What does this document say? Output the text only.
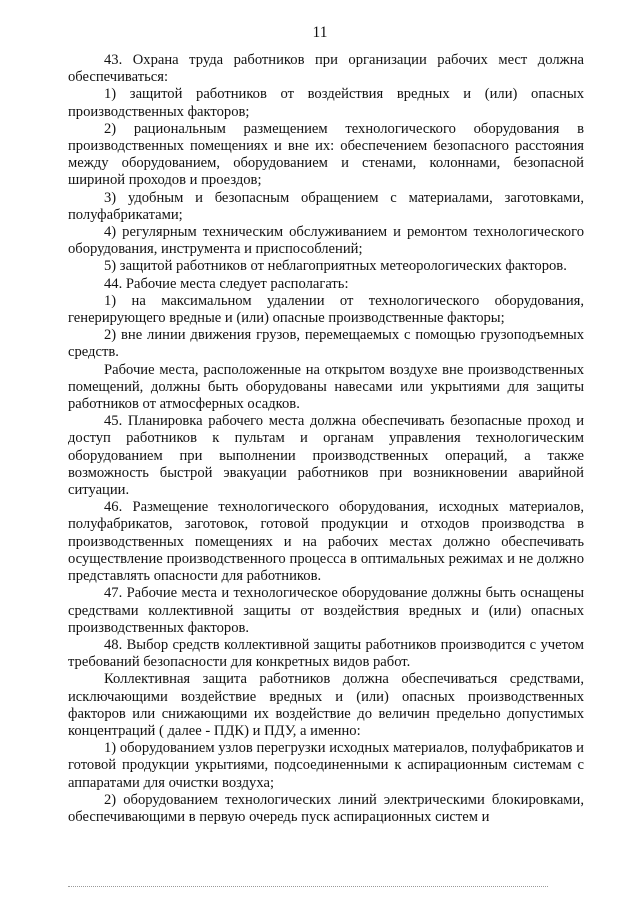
11

43. Охрана труда работников при организации рабочих мест должна обеспечиваться:

1) защитой работников от воздействия вредных и (или) опасных производственных факторов;

2) рациональным размещением технологического оборудования в производственных помещениях и вне их: обеспечением безопасного расстояния между оборудованием, оборудованием и стенами, колоннами, безопасной шириной проходов и проездов;

3) удобным и безопасным обращением с материалами, заготовками, полуфабрикатами;

4) регулярным техническим обслуживанием и ремонтом технологического оборудования, инструмента и приспособлений;

5) защитой работников от неблагоприятных метеорологических факторов.

44. Рабочие места следует располагать:

1) на максимальном удалении от технологического оборудования, генерирующего вредные и (или) опасные производственные факторы;

2) вне линии движения грузов, перемещаемых с помощью грузоподъемных средств.

Рабочие места, расположенные на открытом воздухе вне производственных помещений, должны быть оборудованы навесами или укрытиями для защиты работников от атмосферных осадков.

45. Планировка рабочего места должна обеспечивать безопасные проход и доступ работников к пультам и органам управления технологическим оборудованием при выполнении производственных операций, а также возможность быстрой эвакуации работников при возникновении аварийной ситуации.

46. Размещение технологического оборудования, исходных материалов, полуфабрикатов, заготовок, готовой продукции и отходов производства в производственных помещениях и на рабочих местах должно обеспечивать осуществление производственного процесса в оптимальных режимах и не должно представлять опасности для работников.

47. Рабочие места и технологическое оборудование должны быть оснащены средствами коллективной защиты от воздействия вредных и (или) опасных производственных факторов.

48. Выбор средств коллективной защиты работников производится с учетом требований безопасности для конкретных видов работ.

Коллективная защита работников должна обеспечиваться средствами, исключающими воздействие вредных и (или) опасных производственных факторов или снижающими их воздействие до величин предельно допустимых концентраций ( далее - ПДК) и ПДУ, а именно:

1) оборудованием узлов перегрузки исходных материалов, полуфабрикатов и готовой продукции укрытиями, подсоединенными к аспирационным системам с аппаратами для очистки воздуха;

2) оборудованием технологических линий электрическими блокировками, обеспечивающими в первую очередь пуск аспирационных систем и
